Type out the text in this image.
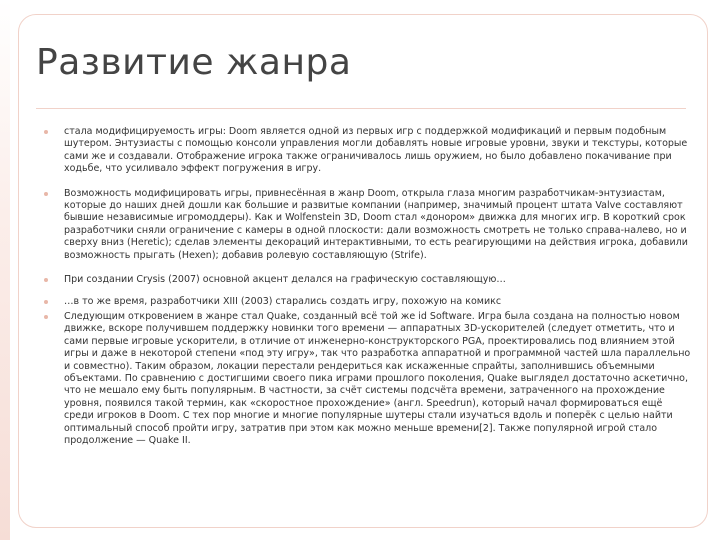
Развитие жанра
стала модифицируемость игры: Doom является одной из первых игр с поддержкой модификаций и первым подобным шутером. Энтузиасты с помощью консоли управления могли добавлять новые игровые уровни, звуки и текстуры, которые сами же и создавали. Отображение игрока также ограничивалось лишь оружием, но было добавлено покачивание при ходьбе, что усиливало эффект погружения в игру.
Возможность модифицировать игры, привнесённая в жанр Doom, открыла глаза многим разработчикам-энтузиастам, которые до наших дней дошли как большие и развитые компании (например, значимый процент штата Valve составляют бывшие независимые игромоддеры). Как и Wolfenstein 3D, Doom стал «донором» движка для многих игр. В короткий срок разработчики сняли ограничение с камеры в одной плоскости: дали возможность смотреть не только справа-налево, но и сверху вниз (Heretic); сделав элементы декораций интерактивными, то есть реагирующими на действия игрока, добавили возможность прыгать (Hexen); добавив ролевую составляющую (Strife).
При создании Crysis (2007) основной акцент делался на графическую составляющую…
…в то же время, разработчики XIII (2003) старались создать игру, похожую на комикс
Следующим откровением в жанре стал Quake, созданный всё той же id Software. Игра была создана на полностью новом движке, вскоре получившем поддержку новинки того времени — аппаратных 3D-ускорителей (следует отметить, что и сами первые игровые ускорители, в отличие от инженерно-конструкторского PGA, проектировались под влиянием этой игры и даже в некоторой степени «под эту игру», так что разработка аппаратной и программной частей шла параллельно и совместно). Таким образом, локации перестали рендериться как искаженные спрайты, заполнившись объемными объектами. По сравнению с достигшими своего пика играми прошлого поколения, Quake выглядел достаточно аскетично, что не мешало ему быть популярным. В частности, за счёт системы подсчёта времени, затраченного на прохождение уровня, появился такой термин, как «скоростное прохождение» (англ. Speedrun), который начал формироваться ещё среди игроков в Doom. С тех пор многие и многие популярные шутеры стали изучаться вдоль и поперёк с целью найти оптимальный способ пройти игру, затратив при этом как можно меньше времени[2]. Также популярной игрой стало продолжение — Quake II.
